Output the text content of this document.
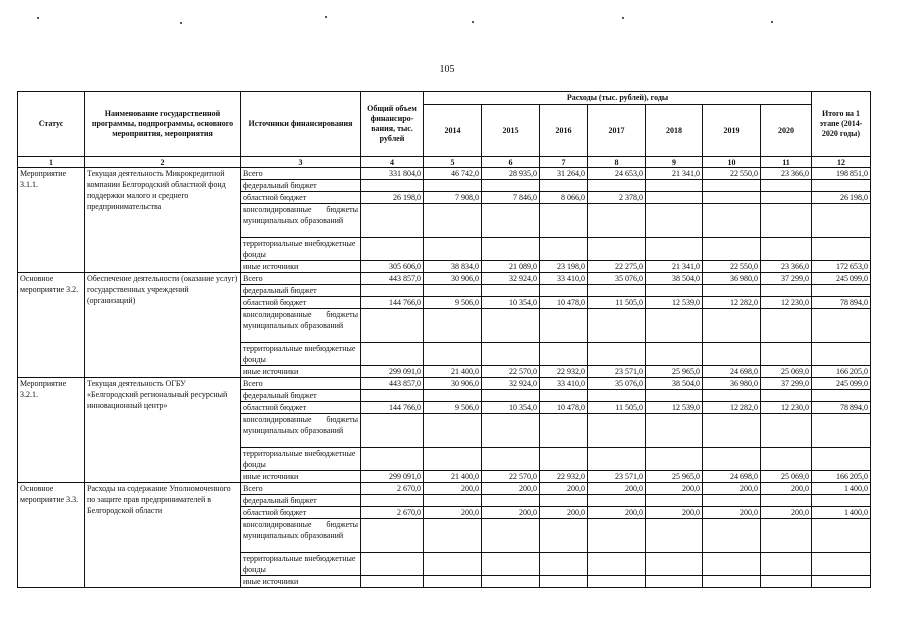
105
Статус	Наименование государственной программы, подпрограммы, основного мероприятия, мероприятия	Источники финансирования	Общий объем финансиро-вания, тыс. рублей	Расходы (тыс. рублей), годы							Итого на 1 этапе (2014-2020 годы)
				2014	2015	2016	2017	2018	2019	2020	
1	2	3	4	5	6	7	8	9	10	11	12
Мероприятие 3.1.1.	Текущая деятельность Микрокредитной компании Белгородский областной фонд поддержки малого и среднего предпринимательства	Всего	331 804,0	46 742,0	28 935,0	31 264,0	24 653,0	21 341,0	22 550,0	23 366,0	198 851,0
		федеральный бюджет									
		областной бюджет	26 198,0	7 908,0	7 846,0	8 066,0	2 378,0				26 198,0
		консолидированные бюджеты муниципальных образований									
		территориальные внебюджетные фонды									
		иные источники	305 606,0	38 834,0	21 089,0	23 198,0	22 275,0	21 341,0	22 550,0	23 366,0	172 653,0
Основное мероприятие 3.2.	Обеспечение деятельности (оказание услуг) государственных учреждений (организаций)	Всего	443 857,0	30 906,0	32 924,0	33 410,0	35 076,0	38 504,0	36 980,0	37 299,0	245 099,0
		федеральный бюджет									
		областной бюджет	144 766,0	9 506,0	10 354,0	10 478,0	11 505,0	12 539,0	12 282,0	12 230,0	78 894,0
		консолидированные бюджеты муниципальных образований									
		территориальные внебюджетные фонды									
		иные источники	299 091,0	21 400,0	22 570,0	22 932,0	23 571,0	25 965,0	24 698,0	25 069,0	166 205,0
Мероприятие 3.2.1.	Текущая деятельность ОГБУ «Белгородский региональный ресурсный инновационный центр»	Всего	443 857,0	30 906,0	32 924,0	33 410,0	35 076,0	38 504,0	36 980,0	37 299,0	245 099,0
		федеральный бюджет									
		областной бюджет	144 766,0	9 506,0	10 354,0	10 478,0	11 505,0	12 539,0	12 282,0	12 230,0	78 894,0
		консолидированные бюджеты муниципальных образований									
		территориальные внебюджетные фонды									
		иные источники	299 091,0	21 400,0	22 570,0	22 932,0	23 571,0	25 965,0	24 698,0	25 069,0	166 205,0
Основное мероприятие 3.3.	Расходы на содержание Уполномоченного по защите прав предпринимателей в Белгородской области	Всего	2 670,0	200,0	200,0	200,0	200,0	200,0	200,0	200,0	1 400,0
		федеральный бюджет									
		областной бюджет	2 670,0	200,0	200,0	200,0	200,0	200,0	200,0	200,0	1 400,0
		консолидированные бюджеты муниципальных образований									
		территориальные внебюджетные фонды									
		иные источники									
